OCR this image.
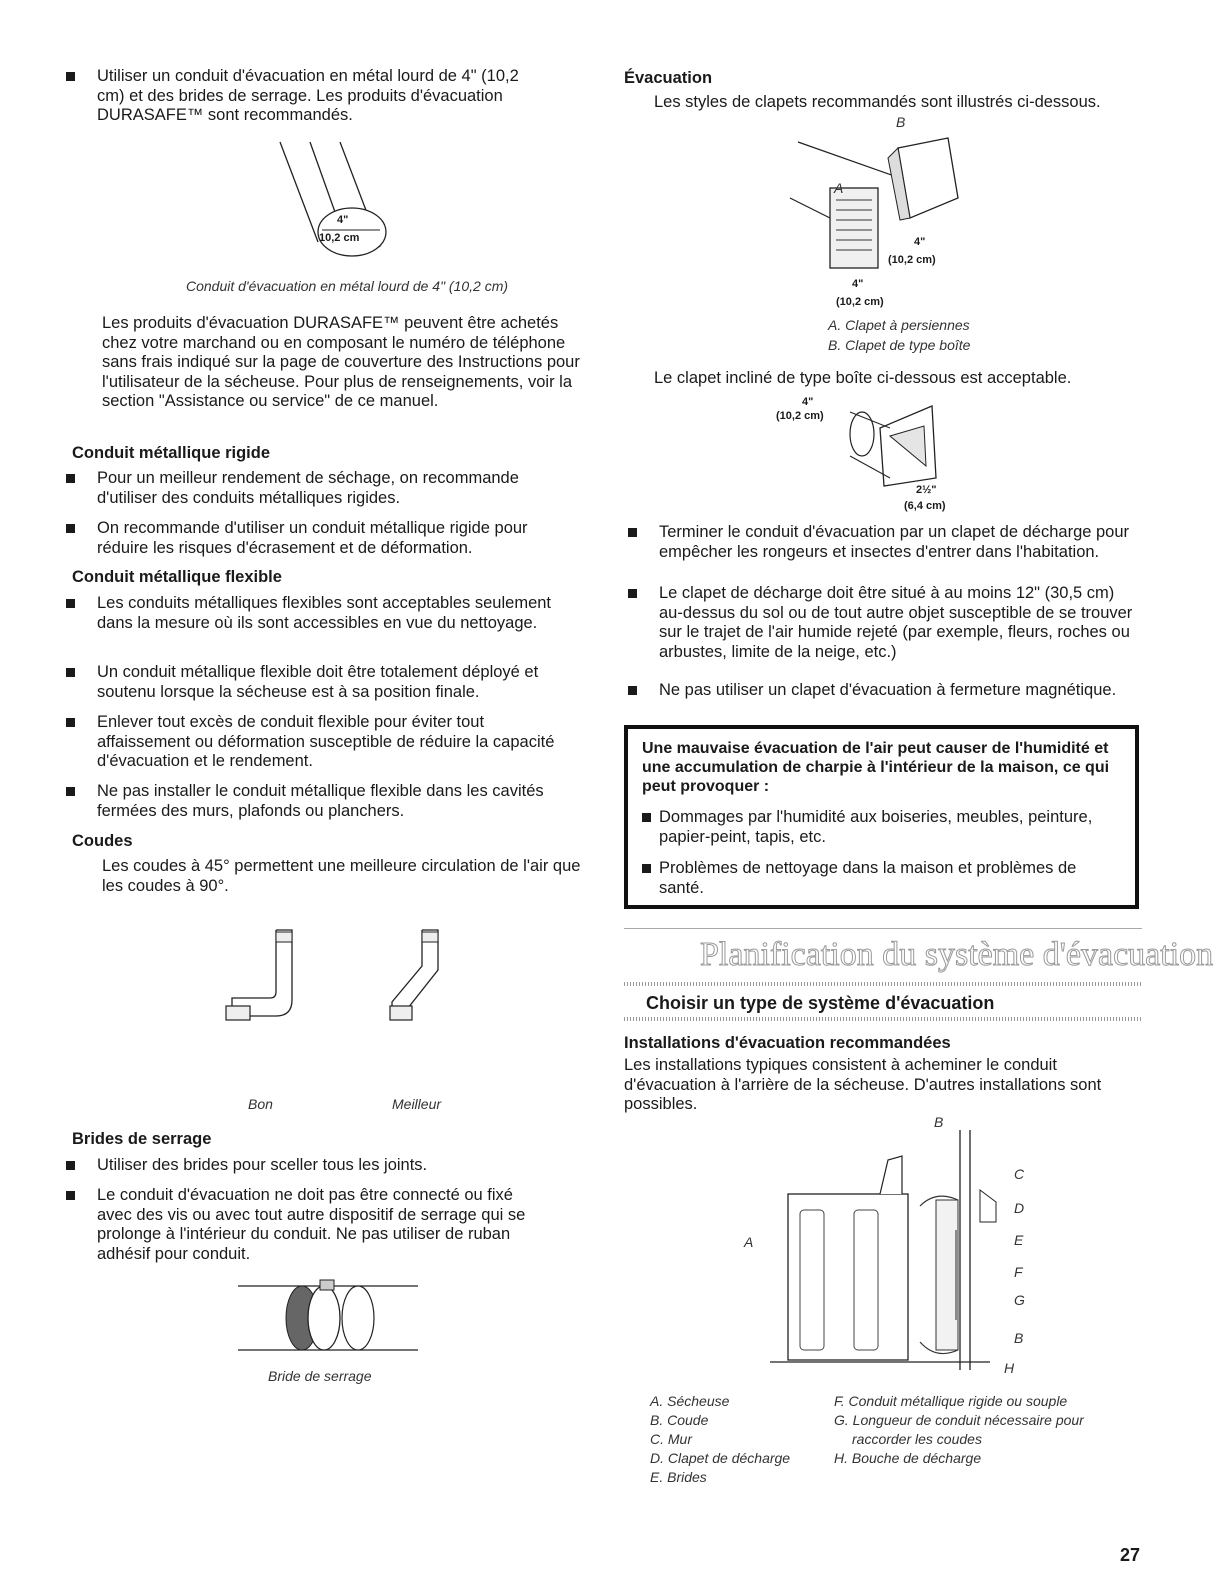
Utiliser un conduit d'évacuation en métal lourd de 4" (10,2 cm) et des brides de serrage. Les produits d'évacuation DURASAFE™ sont recommandés.
4"
10,2 cm
Conduit d'évacuation en métal lourd de 4" (10,2 cm)

Les produits d'évacuation DURASAFE™ peuvent être achetés chez votre marchand ou en composant le numéro de téléphone sans frais indiqué sur la page de couverture des Instructions pour l'utilisateur de la sécheuse. Pour plus de renseignements, voir la section "Assistance ou service" de ce manuel.

Conduit métallique rigide
Pour un meilleur rendement de séchage, on recommande d'utiliser des conduits métalliques rigides.
On recommande d'utiliser un conduit métallique rigide pour réduire les risques d'écrasement et de déformation.
Conduit métallique flexible
Les conduits métalliques flexibles sont acceptables seulement dans la mesure où ils sont accessibles en vue du nettoyage.
Un conduit métallique flexible doit être totalement déployé et soutenu lorsque la sécheuse est à sa position finale.
Enlever tout excès de conduit flexible pour éviter tout affaissement ou déformation susceptible de réduire la capacité d'évacuation et le rendement.
Ne pas installer le conduit métallique flexible dans les cavités fermées des murs, plafonds ou planchers.
Coudes

Les coudes à 45° permettent une meilleure circulation de l'air que les coudes à 90°.

Bon	Meilleur
Brides de serrage
Utiliser des brides pour sceller tous les joints.
Le conduit d'évacuation ne doit pas être connecté ou fixé avec des vis ou avec tout autre dispositif de serrage qui se prolonge à l'intérieur du conduit. Ne pas utiliser de ruban adhésif pour conduit.
Bride de serrage
Évacuation

Les styles de clapets recommandés sont illustrés ci-dessous.

B
A
4"
(10,2 cm)
4"
(10,2 cm)
A. Clapet à persiennes
B. Clapet de type boîte

Le clapet incliné de type boîte ci-dessous est acceptable.

4"
(10,2 cm)
2½"
(6,4 cm)
Terminer le conduit d'évacuation par un clapet de décharge pour empêcher les rongeurs et insectes d'entrer dans l'habitation.
Le clapet de décharge doit être situé à au moins 12" (30,5 cm) au-dessus du sol ou de tout autre objet susceptible de se trouver sur le trajet de l'air humide rejeté (par exemple, fleurs, roches ou arbustes, limite de la neige, etc.)
Ne pas utiliser un clapet d'évacuation à fermeture magnétique.
Une mauvaise évacuation de l'air peut causer de l'humidité et une accumulation de charpie à l'intérieur de la maison, ce qui peut provoquer :
Dommages par l'humidité aux boiseries, meubles, peinture, papier-peint, tapis, etc.
Problèmes de nettoyage dans la maison et problèmes de santé.
Planification du système d'évacuation
Choisir un type de système d'évacuation
Installations d'évacuation recommandées

Les installations typiques consistent à acheminer le conduit d'évacuation à l'arrière de la sécheuse. D'autres installations sont possibles.

B
C
D
A	E
F
G
B
H
A. Sécheuse
B. Coude
C. Mur
D. Clapet de décharge
E. Brides
F. Conduit métallique rigide ou souple
G. Longueur de conduit nécessaire pour
raccorder les coudes
H. Bouche de décharge
27
